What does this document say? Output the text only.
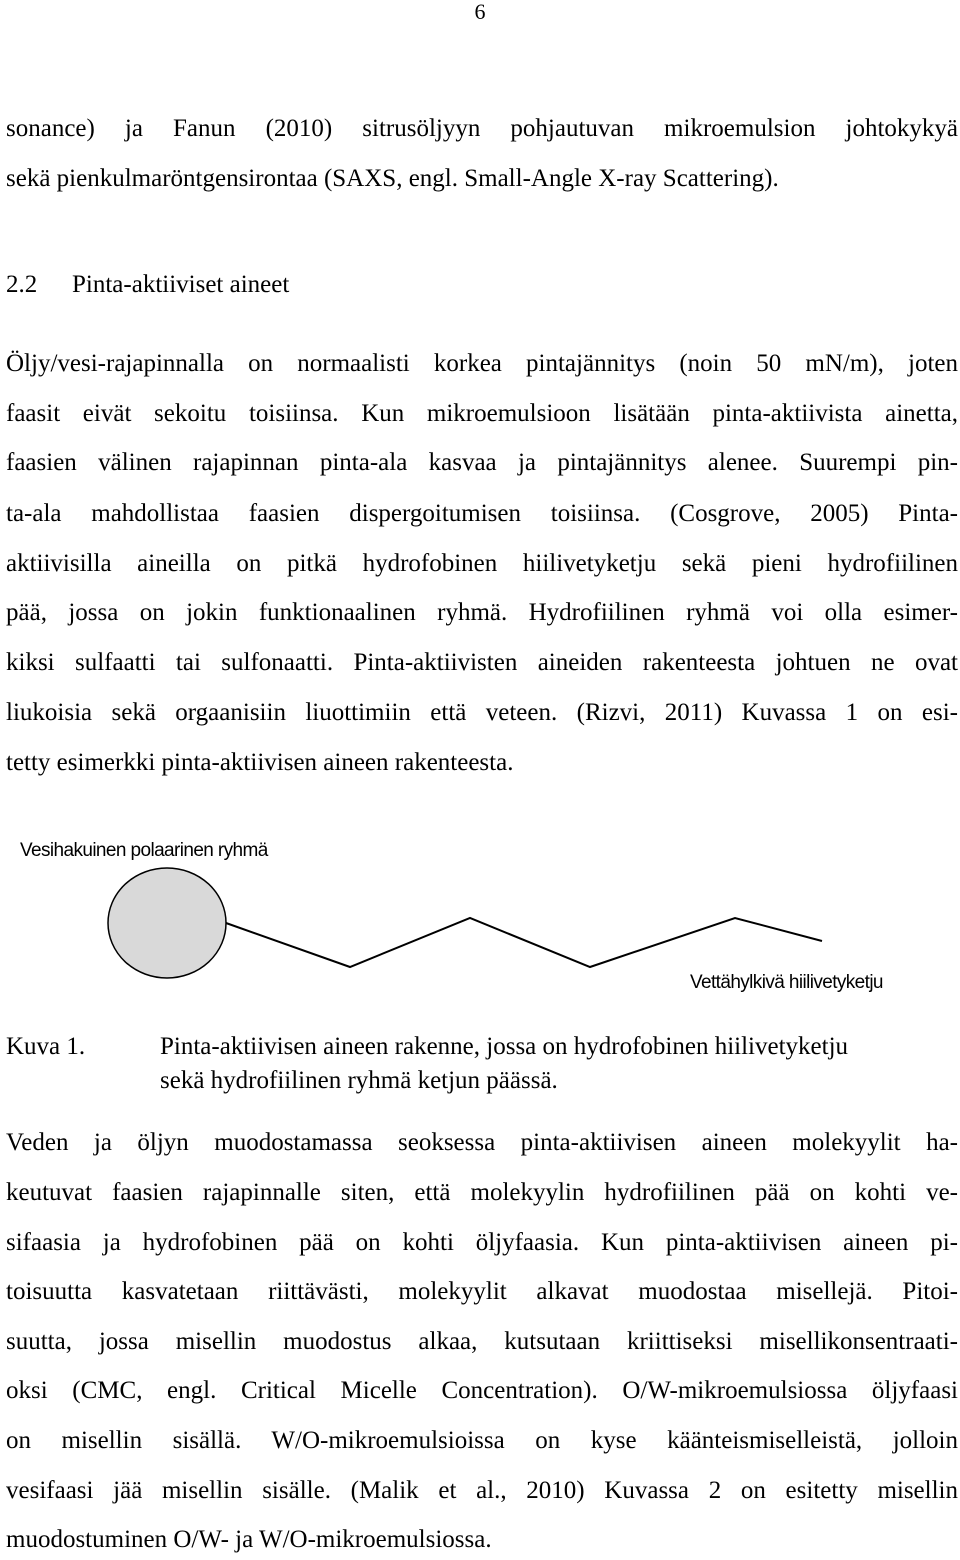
6
sonance) ja Fanun (2010) sitrusöljyyn pohjautuvan mikroemulsion johtokykyä
sekä pienkulmaröntgensirontaa (SAXS, engl. Small-Angle X-ray Scattering).
2.2 Pinta-aktiiviset aineet
Öljy/vesi-rajapinnalla on normaalisti korkea pintajännitys (noin 50 mN/m), joten
faasit eivät sekoitu toisiinsa. Kun mikroemulsioon lisätään pinta-aktiivista ainetta,
faasien välinen rajapinnan pinta-ala kasvaa ja pintajännitys alenee. Suurempi pin-
ta-ala mahdollistaa faasien dispergoitumisen toisiinsa. (Cosgrove, 2005) Pinta-
aktiivisilla aineilla on pitkä hydrofobinen hiilivetyketju sekä pieni hydrofiilinen
pää, jossa on jokin funktionaalinen ryhmä. Hydrofiilinen ryhmä voi olla esimer-
kiksi sulfaatti tai sulfonaatti. Pinta-aktiivisten aineiden rakenteesta johtuen ne ovat
liukoisia sekä orgaanisiin liuottimiin että veteen. (Rizvi, 2011) Kuvassa 1 on esi-
tetty esimerkki pinta-aktiivisen aineen rakenteesta.
Vesihakuinen polaarinen ryhmä
Vettähylkivä hiilivetyketju
Kuva 1.	Pinta-aktiivisen aineen rakenne, jossa on hydrofobinen hiilivetyketju
sekä hydrofiilinen ryhmä ketjun päässä.
Veden ja öljyn muodostamassa seoksessa pinta-aktiivisen aineen molekyylit ha-
keutuvat faasien rajapinnalle siten, että molekyylin hydrofiilinen pää on kohti ve-
sifaasia ja hydrofobinen pää on kohti öljyfaasia. Kun pinta-aktiivisen aineen pi-
toisuutta kasvatetaan riittävästi, molekyylit alkavat muodostaa misellejä. Pitoi-
suutta, jossa misellin muodostus alkaa, kutsutaan kriittiseksi misellikonsentraati-
oksi (CMC, engl. Critical Micelle Concentration). O/W-mikroemulsiossa öljyfaasi
on misellin sisällä. W/O-mikroemulsioissa on kyse käänteismiselleistä, jolloin
vesifaasi jää misellin sisälle. (Malik et al., 2010) Kuvassa 2 on esitetty misellin
muodostuminen O/W- ja W/O-mikroemulsiossa.
